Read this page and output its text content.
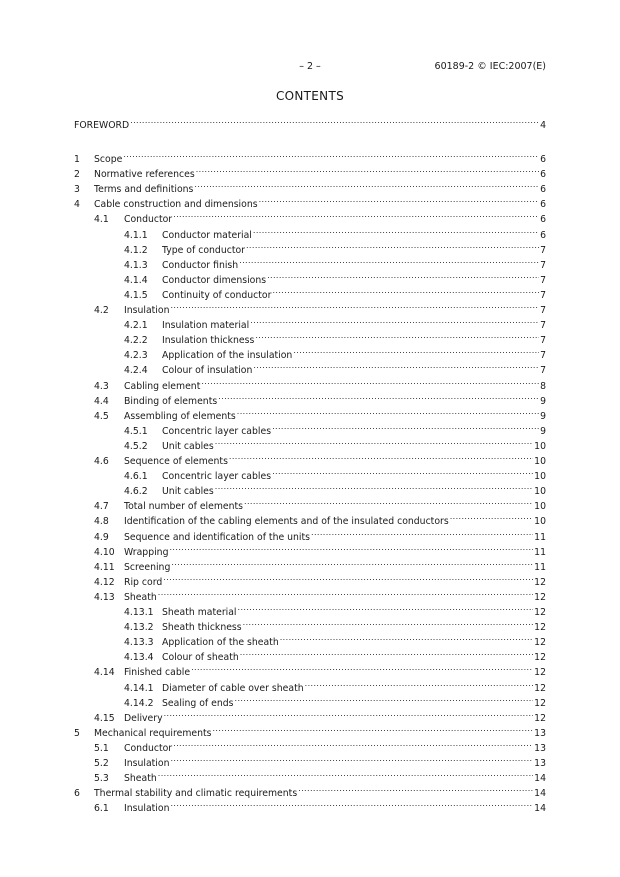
– 2 –	60189-2 © IEC:2007(E)
CONTENTS
FOREWORD .....	4
1	Scope .....	6
2	Normative references .....	6
3	Terms and definitions .....	6
4	Cable construction and dimensions .....	6
4.1	Conductor .....	6
4.1.1	Conductor material .....	6
4.1.2	Type of conductor .....	7
4.1.3	Conductor finish .....	7
4.1.4	Conductor dimensions .....	7
4.1.5	Continuity of conductor .....	7
4.2	Insulation .....	7
4.2.1	Insulation material .....	7
4.2.2	Insulation thickness .....	7
4.2.3	Application of the insulation .....	7
4.2.4	Colour of insulation .....	7
4.3	Cabling element .....	8
4.4	Binding of elements .....	9
4.5	Assembling of elements .....	9
4.5.1	Concentric layer cables .....	9
4.5.2	Unit cables .....	10
4.6	Sequence of elements .....	10
4.6.1	Concentric layer cables .....	10
4.6.2	Unit cables .....	10
4.7	Total number of elements .....	10
4.8	Identification of the cabling elements and of the insulated conductors .....	10
4.9	Sequence and identification of the units .....	11
4.10 Wrapping .....	11
4.11 Screening .....	11
4.12 Rip cord .....	12
4.13 Sheath .....	12
4.13.1 Sheath material .....	12
4.13.2 Sheath thickness .....	12
4.13.3 Application of the sheath .....	12
4.13.4 Colour of sheath .....	12
4.14 Finished cable .....	12
4.14.1 Diameter of cable over sheath .....	12
4.14.2 Sealing of ends .....	12
4.15 Delivery .....	12
5	Mechanical requirements .....	13
5.1	Conductor .....	13
5.2	Insulation .....	13
5.3	Sheath .....	14
6	Thermal stability and climatic requirements .....	14
6.1	Insulation .....	14
